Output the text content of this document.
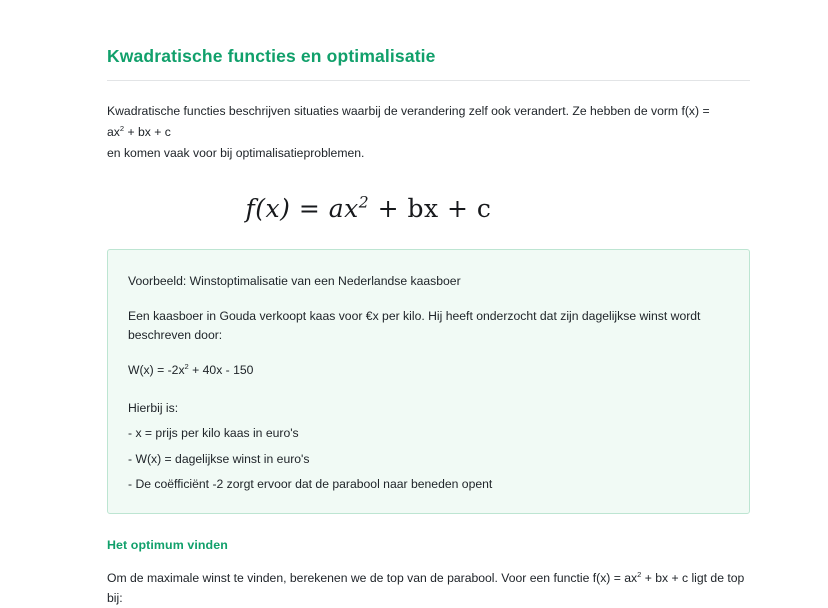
Kwadratische functies en optimalisatie

Kwadratische functies beschrijven situaties waarbij de verandering zelf ook verandert. Ze hebben de vorm $f(x) = ax^2$ + bx + c
en komen vaak voor bij optimalisatieproblemen.

$f(x) = ax^2$ + bx + c

Voorbeeld: Winstoptimalisatie van een Nederlandse kaasboer

Een kaasboer in Gouda verkoopt kaas voor €x per kilo. Hij heeft onderzocht dat zijn dagelijkse winst wordt beschreven door:

$W(x) = -2x^2 + 40x - 150$

Hierbij is:

- x = prijs per kilo kaas in euro's

- W(x) = dagelijkse winst in euro's

- De coëfficiënt -2 zorgt ervoor dat de parabool naar beneden opent

Het optimum vinden

Om de maximale winst te vinden, berekenen we de top van de parabool. Voor een functie $f(x) = ax^2$ + bx + c ligt de top bij:
